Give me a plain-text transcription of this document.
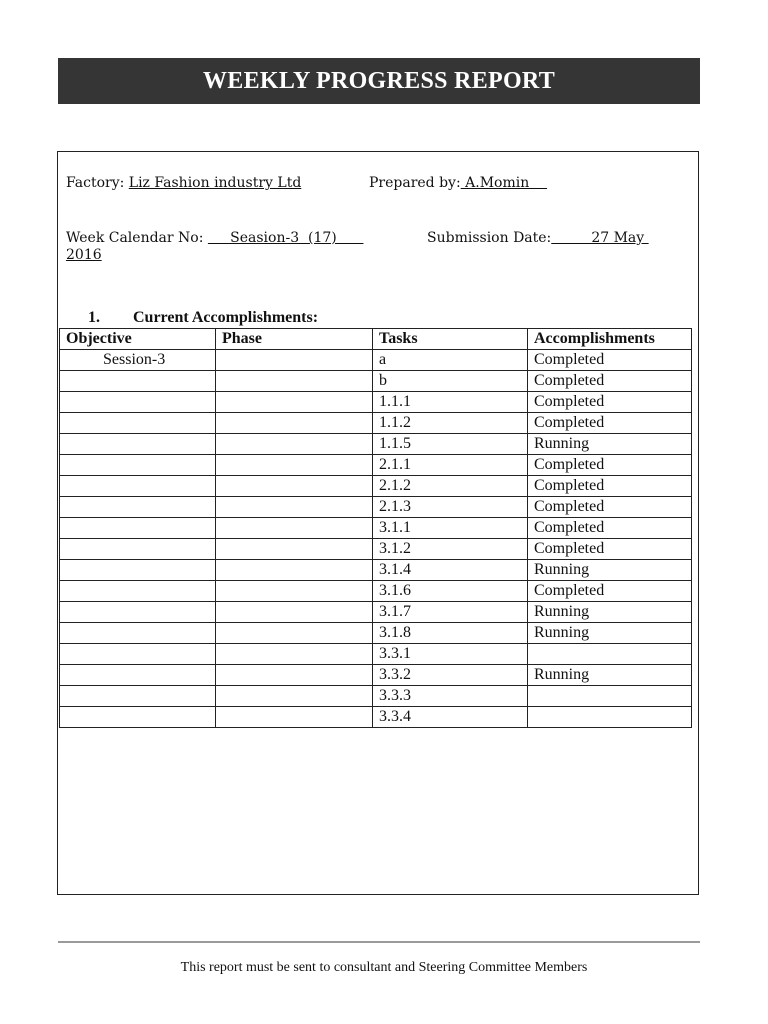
WEEKLY PROGRESS REPORT
Factory: Liz Fashion industry Ltd	Prepared by: A.Momin
Week Calendar No:      Seasion-3  (17)	Submission Date:         27 May
2016
1. Current Accomplishments:
Objective	Phase	Tasks	Accomplishments
Session-3		a	Completed
		b	Completed
		1.1.1	Completed
		1.1.2	Completed
		1.1.5	Running
		2.1.1	Completed
		2.1.2	Completed
		2.1.3	Completed
		3.1.1	Completed
		3.1.2	Completed
		3.1.4	Running
		3.1.6	Completed
		3.1.7	Running
		3.1.8	Running
		3.3.1	
		3.3.2	Running
		3.3.3	
		3.3.4	
This report must be sent to consultant and Steering Committee Members
